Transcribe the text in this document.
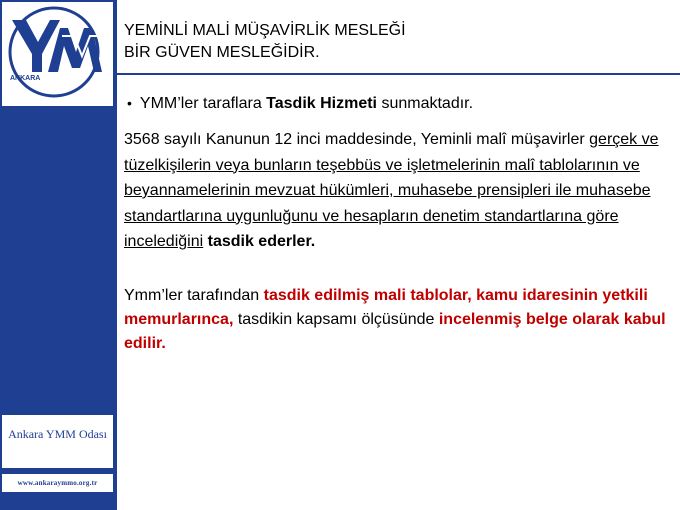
ANKARA
Ankara YMM Odası
www.ankaraymmo.org.tr
YEMİNLİ MALİ MÜŞAVİRLİK MESLEĞİ
BİR GÜVEN MESLEĞİDİR.
• YMM’ler taraflara Tasdik Hizmeti sunmaktadır.
3568 sayılı Kanunun 12 inci maddesinde, Yeminli malî müşavirler gerçek ve tüzelkişilerin veya bunların teşebbüs ve işletmelerinin malî tablolarının ve beyannamelerinin mevzuat hükümleri, muhasebe prensipleri ile muhasebe standartlarına uygunluğunu ve hesapların denetim standartlarına göre incelediğini tasdik ederler.
Ymm’ler tarafından tasdik edilmiş mali tablolar, kamu idaresinin yetkili memurlarınca, tasdikin kapsamı ölçüsünde incelenmiş belge olarak kabul edilir.
